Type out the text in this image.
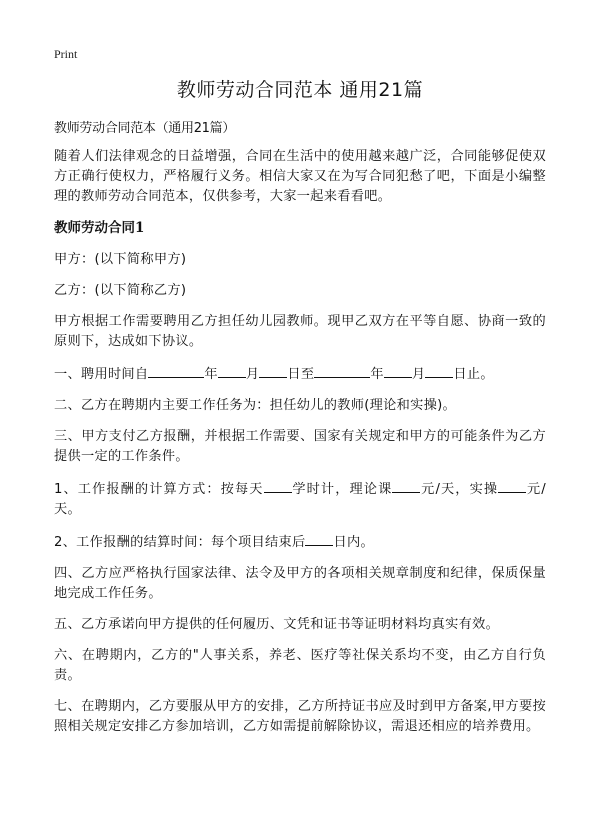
Print
教师劳动合同范本 通用21篇

教师劳动合同范本（通用21篇）

随着人们法律观念的日益增强，合同在生活中的使用越来越广泛，合同能够促使双方正确行使权力，严格履行义务。相信大家又在为写合同犯愁了吧，下面是小编整理的教师劳动合同范本，仅供参考，大家一起来看看吧。

教师劳动合同1

甲方：(以下简称甲方)

乙方：(以下简称乙方)

甲方根据工作需要聘用乙方担任幼儿园教师。现甲乙双方在平等自愿、协商一致的原则下，达成如下协议。

一、聘用时间自	年 月 日至	年 月 日止。

二、乙方在聘期内主要工作任务为：担任幼儿的教师(理论和实操)。

三、甲方支付乙方报酬，并根据工作需要、国家有关规定和甲方的可能条件为乙方提供一定的工作条件。

1、工作报酬的计算方式：按每天 学时计，理论课 元/天，实操 元/天。

2、工作报酬的结算时间：每个项目结束后 日内。

四、乙方应严格执行国家法律、法令及甲方的各项相关规章制度和纪律，保质保量地完成工作任务。

五、乙方承诺向甲方提供的任何履历、文凭和证书等证明材料均真实有效。

六、在聘期内，乙方的"人事关系，养老、医疗等社保关系均不变，由乙方自行负责。

七、在聘期内，乙方要服从甲方的安排，乙方所持证书应及时到甲方备案,甲方要按照相关规定安排乙方参加培训，乙方如需提前解除协议，需退还相应的培养费用。
